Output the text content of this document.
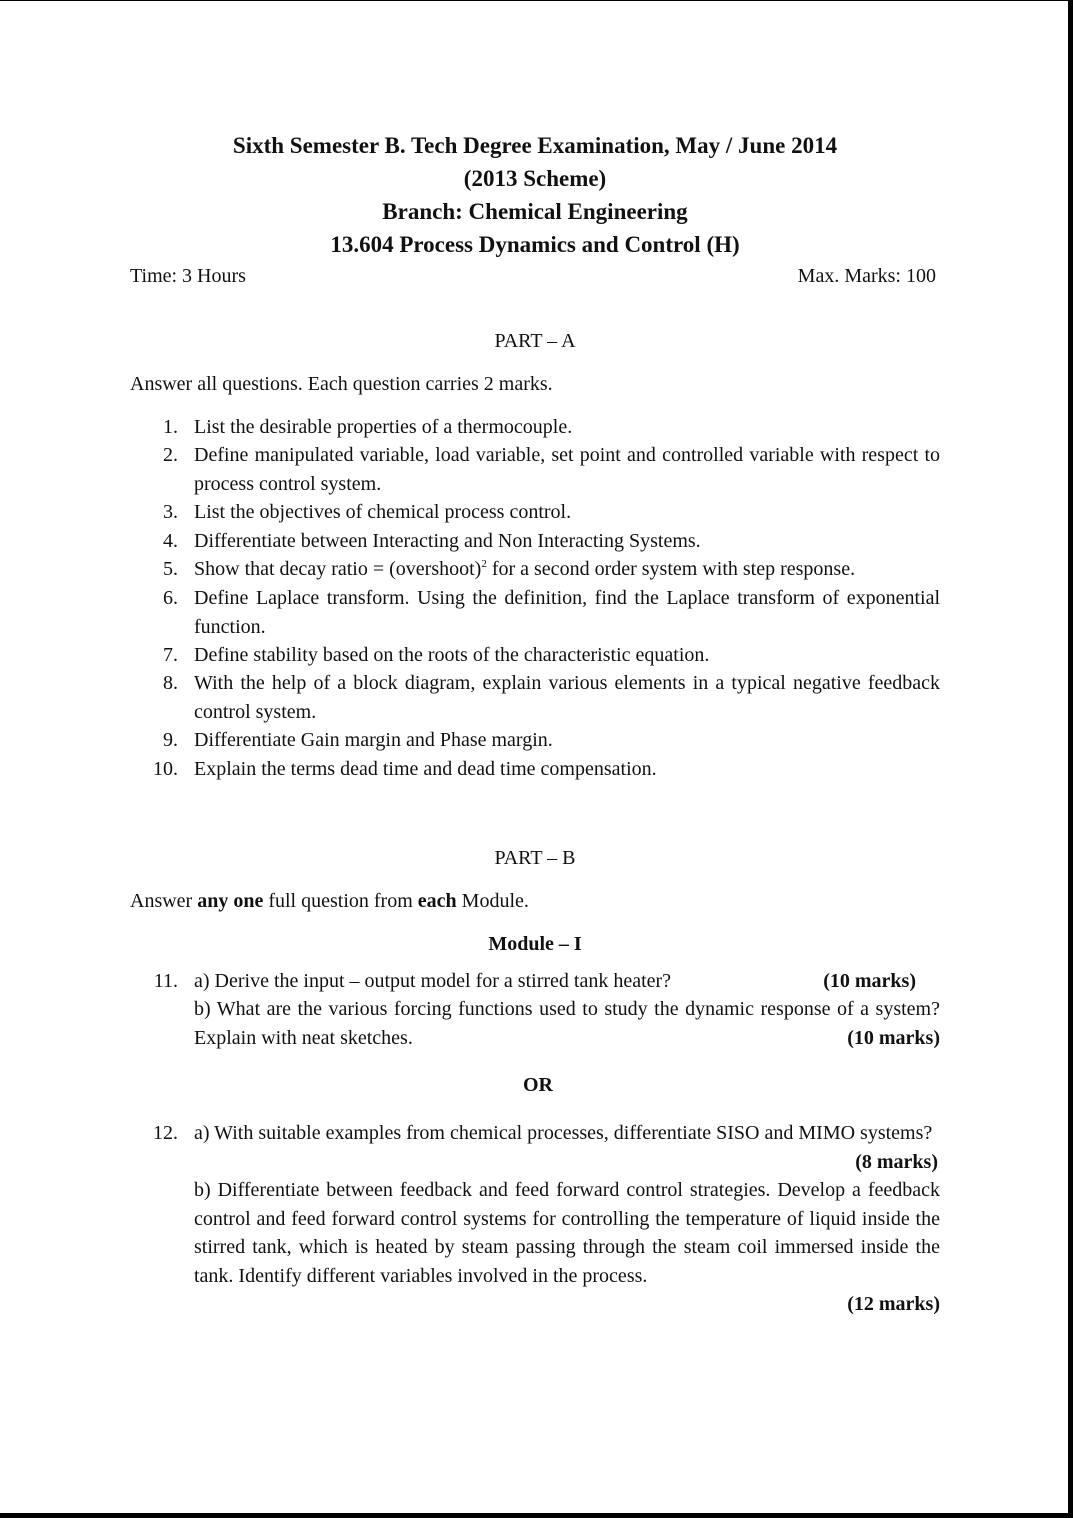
Sixth Semester B. Tech Degree Examination, May / June 2014
(2013 Scheme)
Branch: Chemical Engineering
13.604 Process Dynamics and Control (H)
Time: 3 Hours	Max. Marks: 100
PART – A
Answer all questions. Each question carries 2 marks.
1. List the desirable properties of a thermocouple.
2. Define manipulated variable, load variable, set point and controlled variable with respect to process control system.
3. List the objectives of chemical process control.
4. Differentiate between Interacting and Non Interacting Systems.
5. Show that decay ratio = (overshoot)$^2$ for a second order system with step response.
6. Define Laplace transform. Using the definition, find the Laplace transform of exponential function.
7. Define stability based on the roots of the characteristic equation.
8. With the help of a block diagram, explain various elements in a typical negative feedback control system.
9. Differentiate Gain margin and Phase margin.
10. Explain the terms dead time and dead time compensation.
PART – B
Answer any one full question from each Module.
Module – I
11.	(10 marks)
a) Derive the input – output model for a stirred tank heater?
b) What are the various forcing functions used to study the dynamic response of a system? Explain with neat sketches.	(10 marks)
OR
12. a) With suitable examples from chemical processes, differentiate SISO and MIMO systems?
(8 marks)
b) Differentiate between feedback and feed forward control strategies. Develop a feedback control and feed forward control systems for controlling the temperature of liquid inside the stirred tank, which is heated by steam passing through the steam coil immersed inside the tank. Identify different variables involved in the process.
(12 marks)
